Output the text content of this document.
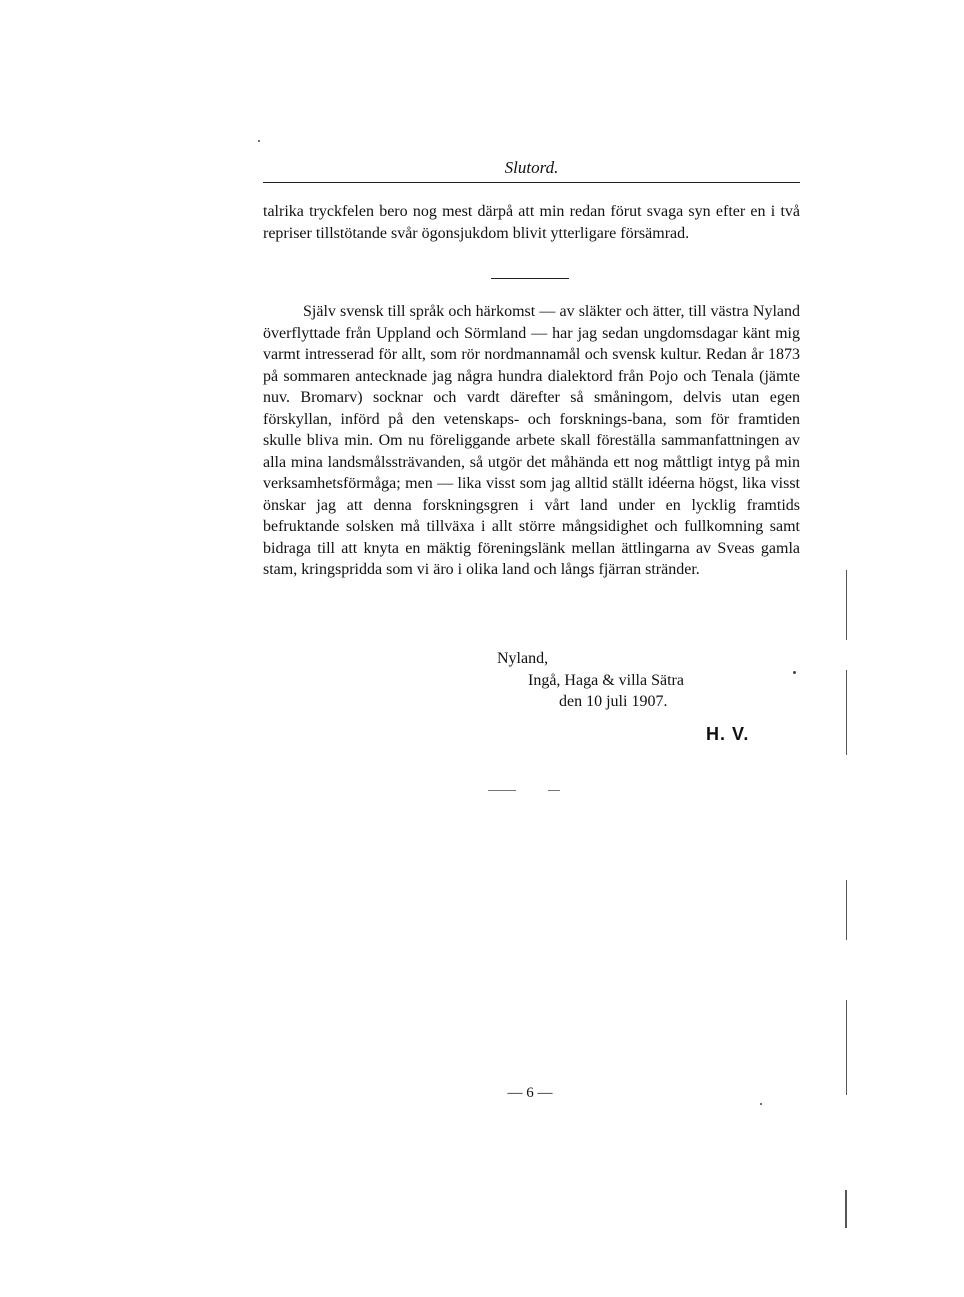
Slutord.

talrika tryckfelen bero nog mest därpå att min redan förut svaga syn efter en i två repriser tillstötande svår ögonsjukdom blivit ytterligare försämrad.

Själv svensk till språk och härkomst — av släkter och ätter, till västra Nyland överflyttade från Uppland och Sörmland — har jag sedan ungdomsdagar känt mig varmt intresserad för allt, som rör nordmannamål och svensk kultur. Redan år 1873 på sommaren antecknade jag några hundra dialektord från Pojo och Tenala (jämte nuv. Bromarv) socknar och vardt därefter så småningom, delvis utan egen förskyllan, införd på den vetenskaps- och forsknings-bana, som för framtiden skulle bliva min. Om nu föreliggande arbete skall föreställa sammanfattningen av alla mina landsmålssträvanden, så utgör det måhända ett nog måttligt intyg på min verksamhetsförmåga; men — lika visst som jag alltid ställt idéerna högst, lika visst önskar jag att denna forskningsgren i vårt land under en lycklig framtids befruktande solsken må tillväxa i allt större mångsidighet och fullkomning samt bidraga till att knyta en mäktig föreningslänk mellan ättlingarna av Sveas gamla stam, kringspridda som vi äro i olika land och långs fjärran stränder.

Nyland,
Ingå, Haga & villa Sätra
den 10 juli 1907.
H. V.
— 6 —
